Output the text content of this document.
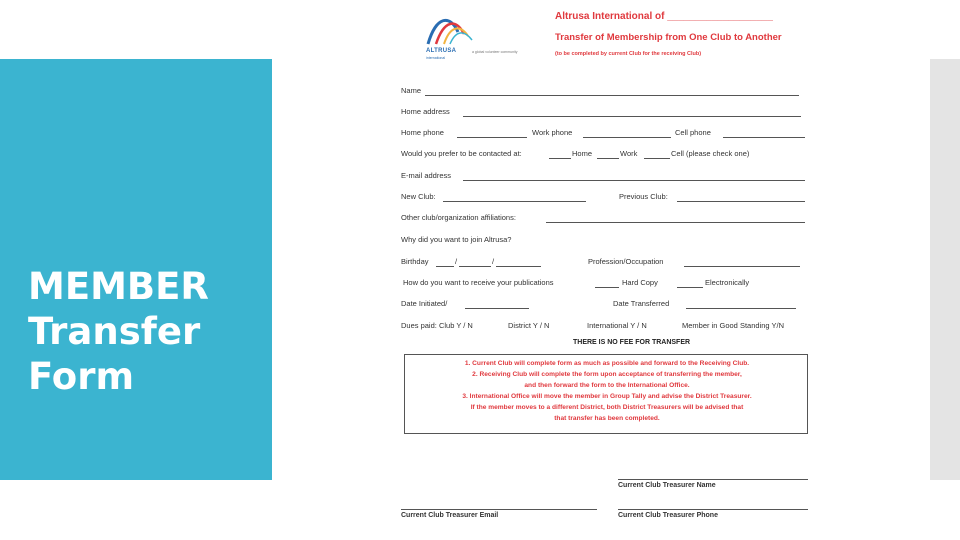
MEMBER
Transfer
Form
ALTRUSA
international
a global volunteer community
Altrusa International of ___________________
Transfer of Membership from One Club to Another
(to be completed by current Club for the receiving Club)
Name
Home address
Home phone	Work phone	Cell phone
Would you prefer to be contacted at:	Home	Work	Cell (please check one)
E-mail address
New Club:	Previous Club:
Other club/organization affiliations:
Why did you want to join Altrusa?
Birthday	/	/	Profession/Occupation
How do you want to receive your publications	Hard Copy	Electronically
Date Initiated/	Date Transferred
Dues paid: Club Y / N	District Y / N	International Y / N	Member in Good Standing Y/N
THERE IS NO FEE FOR TRANSFER
1. Current Club will complete form as much as possible and forward to the Receiving Club.
2. Receiving Club will complete the form upon acceptance of transferring the member,
and then forward the form to the International Office.
3. International Office will move the member in Group Tally and advise the District Treasurer.
If the member moves to a different District, both District Treasurers will be advised that
that transfer has been completed.
Current Club Treasurer Name
Current Club Treasurer Email	Current Club Treasurer Phone
